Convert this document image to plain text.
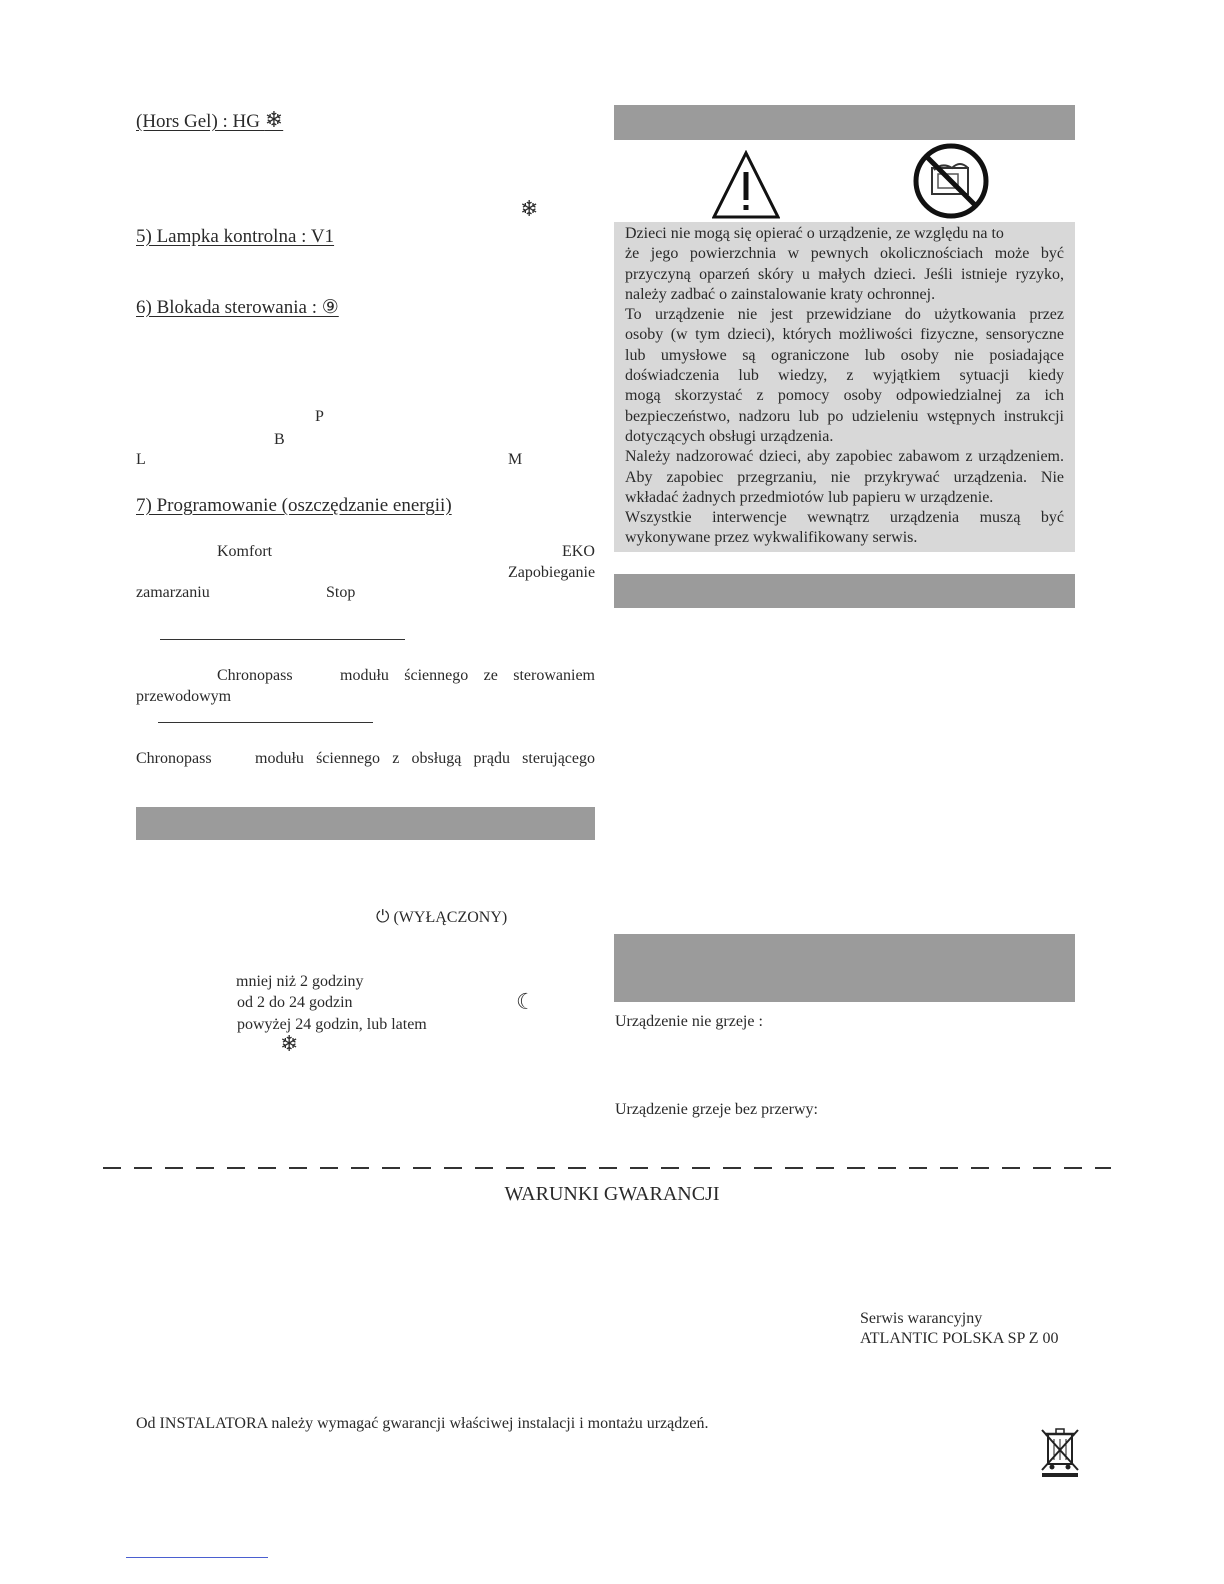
(Hors Gel) : HG ❄
❄
5) Lampka kontrolna : V1
6) Blokada sterowania : ⑨
P
B
L	M
7) Programowanie (oszczędzanie energii)
Komfort	EKO
Zapobieganie
zamarzaniu	Stop
Chronopass	modułu ściennego ze sterowaniem
przewodowym
Chronopass	modułu ściennego z obsługą prądu sterującego
⏻ (WYŁĄCZONY)
mniej niż 2 godziny
od 2 do 24 godzin	☾
powyżej 24 godzin, lub latem
❄
Dzieci nie mogą się opierać o urządzenie, ze względu na to

że jego powierzchnia w pewnych okolicznościach może być

przyczyną oparzeń skóry u małych dzieci. Jeśli istnieje ryzyko,

należy zadbać o zainstalowanie kraty ochronnej.

To urządzenie nie jest przewidziane do użytkowania przez

osoby (w tym dzieci), których możliwości fizyczne, sensoryczne

lub umysłowe są ograniczone lub osoby nie posiadające

doświadczenia lub wiedzy, z wyjątkiem sytuacji kiedy

mogą skorzystać z pomocy osoby odpowiedzialnej za ich

bezpieczeństwo, nadzoru lub po udzieleniu wstępnych instrukcji

dotyczących obsługi urządzenia.

Należy nadzorować dzieci, aby zapobiec zabawom z urządzeniem.

Aby zapobiec przegrzaniu, nie przykrywać urządzenia. Nie

wkładać żadnych przedmiotów lub papieru w urządzenie.

Wszystkie interwencje wewnątrz urządzenia muszą być

wykonywane przez wykwalifikowany serwis.

Urządzenie nie grzeje :
Urządzenie grzeje bez przerwy:
WARUNKI GWARANCJI
Serwis warancyjny
ATLANTIC POLSKA SP Z 00
Od INSTALATORA należy wymagać gwarancji właściwej instalacji i montażu urządzeń.
